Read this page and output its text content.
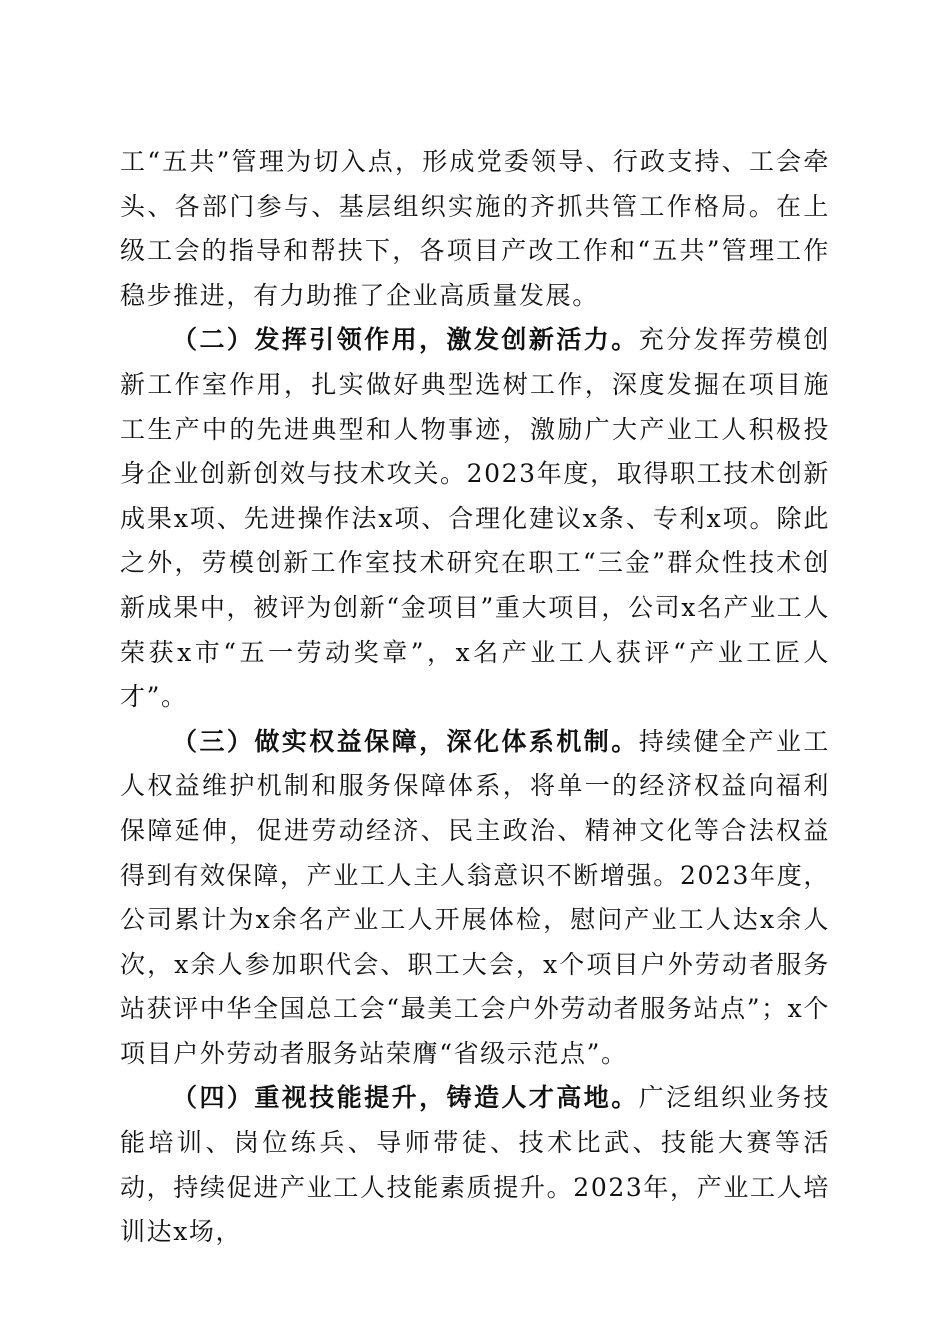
工“五共”管理为切入点，形成党委领导、行政支持、工会牵头、各部门参与、基层组织实施的齐抓共管工作格局。在上级工会的指导和帮扶下，各项目产改工作和“五共”管理工作稳步推进，有力助推了企业高质量发展。

（二）发挥引领作用，激发创新活力。充分发挥劳模创新工作室作用，扎实做好典型选树工作，深度发掘在项目施工生产中的先进典型和人物事迹，激励广大产业工人积极投身企业创新创效与技术攻关。2023年度，取得职工技术创新成果x项、先进操作法x项、合理化建议x条、专利x项。除此之外，劳模创新工作室技术研究在职工“三金”群众性技术创新成果中，被评为创新“金项目”重大项目，公司x名产业工人荣获x市“五一劳动奖章”，x名产业工人获评“产业工匠人才”。

（三）做实权益保障，深化体系机制。持续健全产业工人权益维护机制和服务保障体系，将单一的经济权益向福利保障延伸，促进劳动经济、民主政治、精神文化等合法权益得到有效保障，产业工人主人翁意识不断增强。2023年度，公司累计为x余名产业工人开展体检，慰问产业工人达x余人次，x余人参加职代会、职工大会，x个项目户外劳动者服务站获评中华全国总工会“最美工会户外劳动者服务站点”；x个项目户外劳动者服务站荣膺“省级示范点”。

（四）重视技能提升，铸造人才高地。广泛组织业务技能培训、岗位练兵、导师带徒、技术比武、技能大赛等活动，持续促进产业工人技能素质提升。2023年，产业工人培训达x场，
